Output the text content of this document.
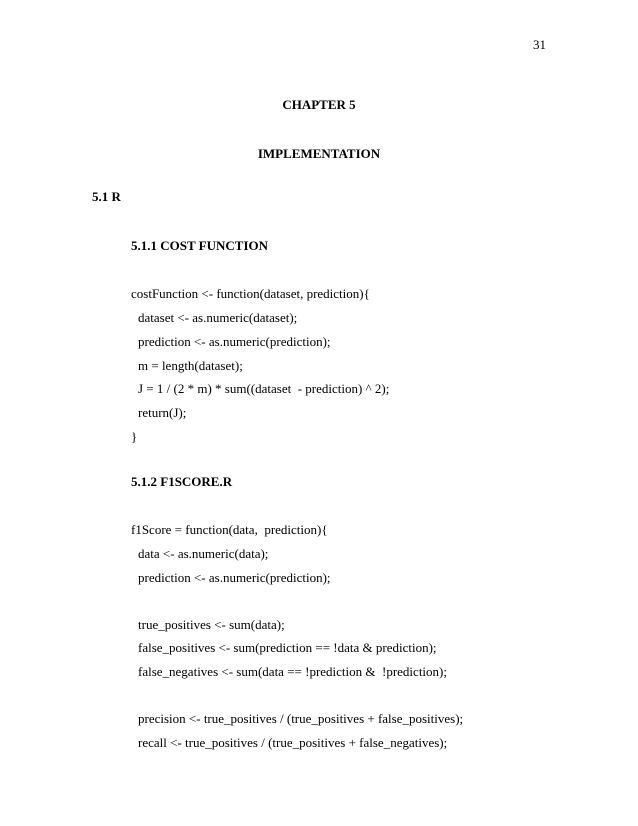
31
CHAPTER 5
IMPLEMENTATION
5.1 R
5.1.1 COST FUNCTION
costFunction <- function(dataset, prediction){
dataset <- as.numeric(dataset);
prediction <- as.numeric(prediction);
m = length(dataset);
J = 1 / (2 * m) * sum((dataset  - prediction) ^ 2);
return(J);
}
5.1.2 F1SCORE.R
f1Score = function(data,  prediction){
data <- as.numeric(data);
prediction <- as.numeric(prediction);
true_positives <- sum(data);
false_positives <- sum(prediction == !data & prediction);
false_negatives <- sum(data == !prediction &  !prediction);
precision <- true_positives / (true_positives + false_positives);
recall <- true_positives / (true_positives + false_negatives);
